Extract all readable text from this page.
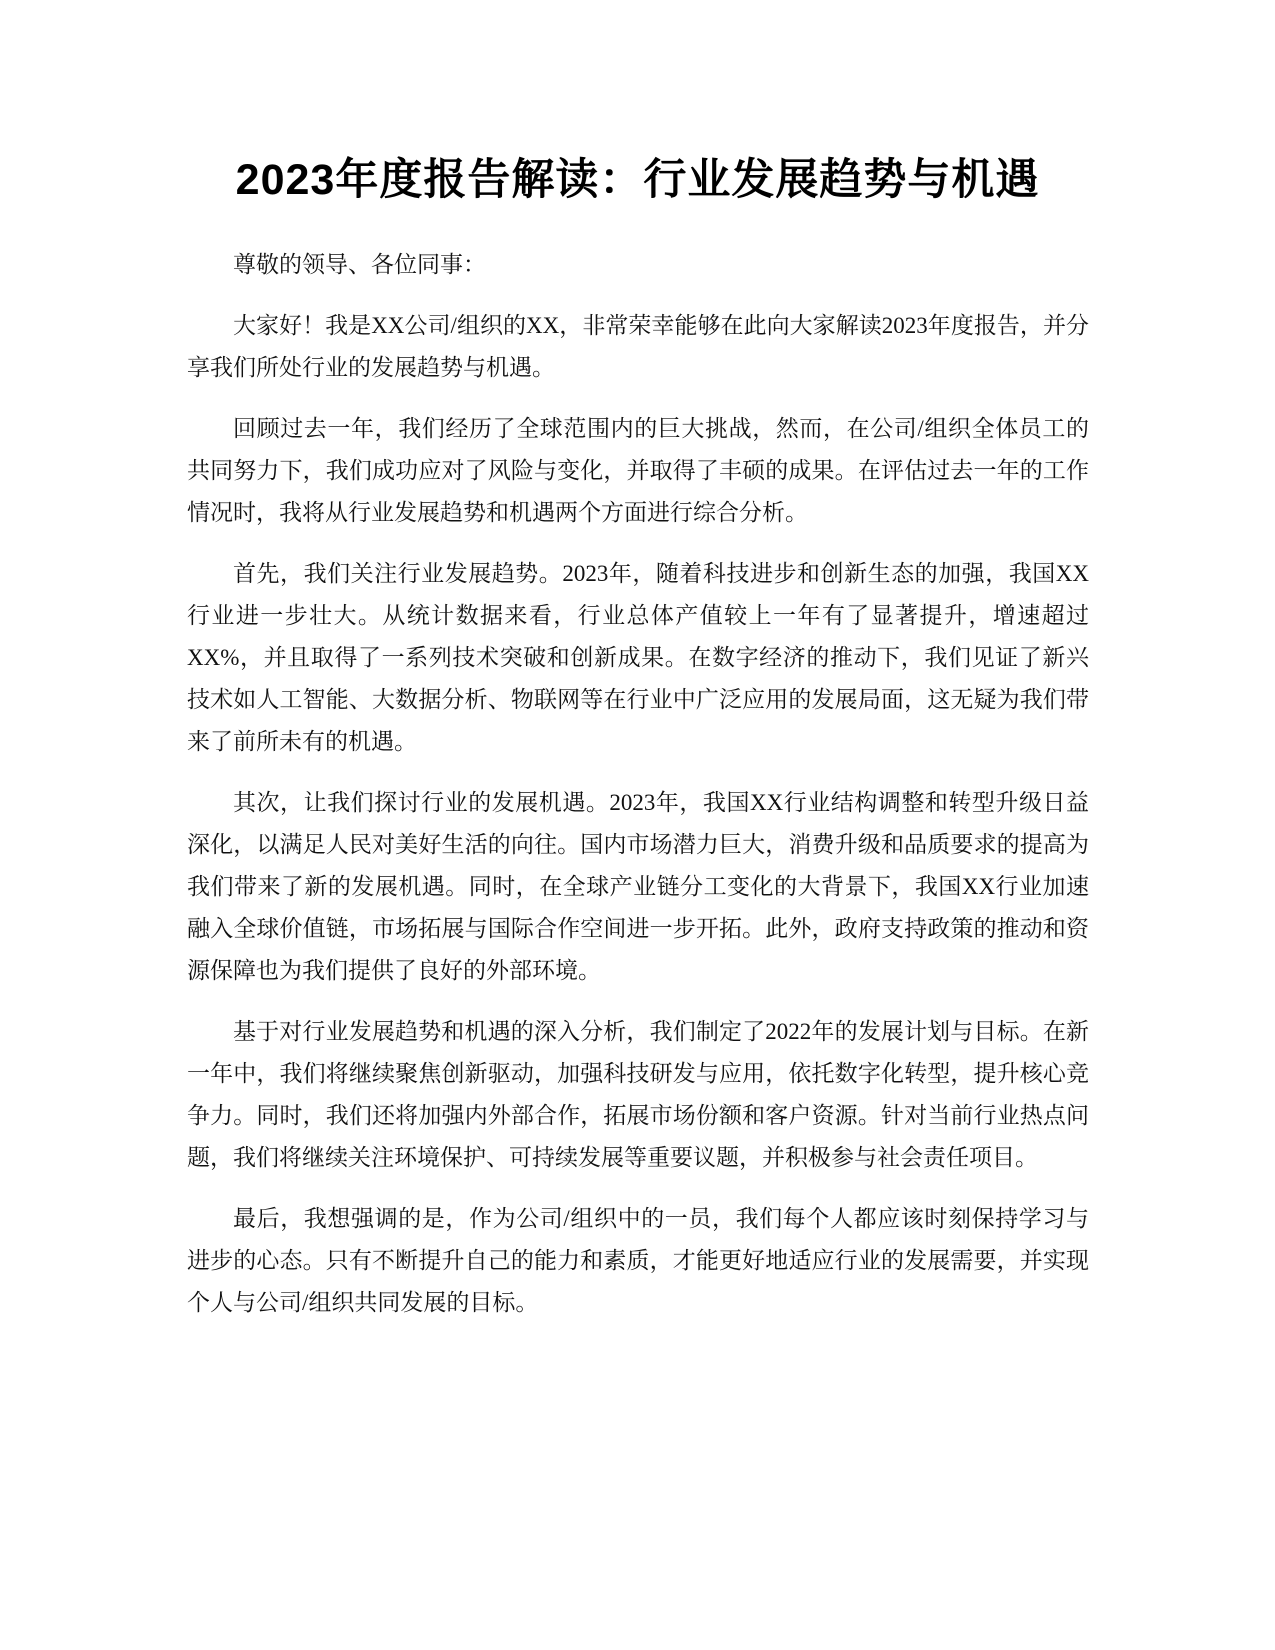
2023年度报告解读：行业发展趋势与机遇

尊敬的领导、各位同事：

大家好！我是XX公司/组织的XX，非常荣幸能够在此向大家解读2023年度报告，并分享我们所处行业的发展趋势与机遇。

回顾过去一年，我们经历了全球范围内的巨大挑战，然而，在公司/组织全体员工的共同努力下，我们成功应对了风险与变化，并取得了丰硕的成果。在评估过去一年的工作情况时，我将从行业发展趋势和机遇两个方面进行综合分析。

首先，我们关注行业发展趋势。2023年，随着科技进步和创新生态的加强，我国XX行业进一步壮大。从统计数据来看，行业总体产值较上一年有了显著提升，增速超过XX%，并且取得了一系列技术突破和创新成果。在数字经济的推动下，我们见证了新兴技术如人工智能、大数据分析、物联网等在行业中广泛应用的发展局面，这无疑为我们带来了前所未有的机遇。

其次，让我们探讨行业的发展机遇。2023年，我国XX行业结构调整和转型升级日益深化，以满足人民对美好生活的向往。国内市场潜力巨大，消费升级和品质要求的提高为我们带来了新的发展机遇。同时，在全球产业链分工变化的大背景下，我国XX行业加速融入全球价值链，市场拓展与国际合作空间进一步开拓。此外，政府支持政策的推动和资源保障也为我们提供了良好的外部环境。

基于对行业发展趋势和机遇的深入分析，我们制定了2022年的发展计划与目标。在新一年中，我们将继续聚焦创新驱动，加强科技研发与应用，依托数字化转型，提升核心竞争力。同时，我们还将加强内外部合作，拓展市场份额和客户资源。针对当前行业热点问题，我们将继续关注环境保护、可持续发展等重要议题，并积极参与社会责任项目。

最后，我想强调的是，作为公司/组织中的一员，我们每个人都应该时刻保持学习与进步的心态。只有不断提升自己的能力和素质，才能更好地适应行业的发展需要，并实现个人与公司/组织共同发展的目标。
